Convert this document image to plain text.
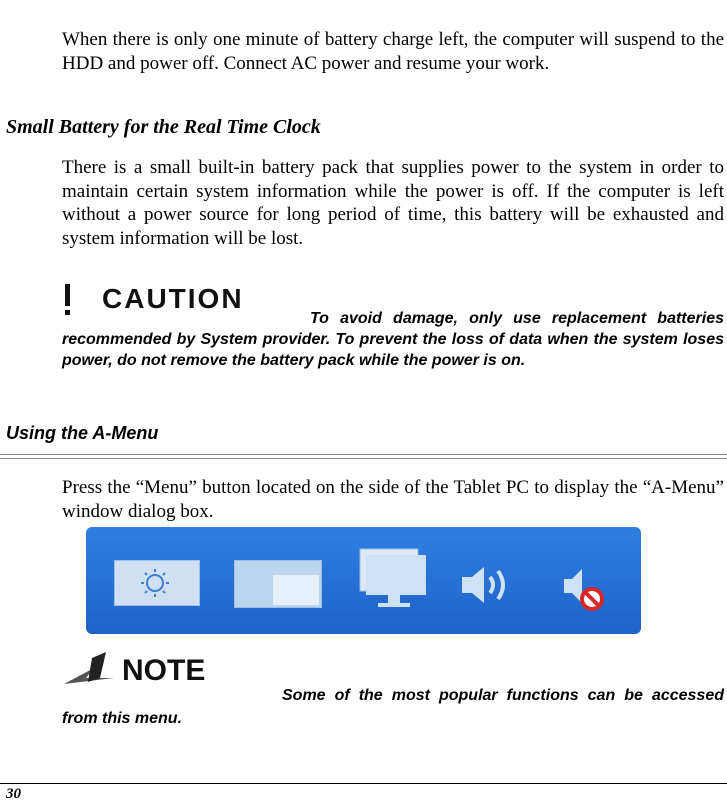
When there is only one minute of battery charge left, the computer will suspend to the HDD and power off. Connect AC power and resume your work.
Small Battery for the Real Time Clock
There is a small built-in battery pack that supplies power to the system in order to maintain certain system information while the power is off. If the computer is left without a power source for long period of time, this battery will be exhausted and system information will be lost.
CAUTION
To avoid damage, only use replacement batteries recommended by System provider. To prevent the loss of data when the system loses power, do not remove the battery pack while the power is on.
Using the A-Menu
Press the “Menu” button located on the side of the Tablet PC to display the “A-Menu” window dialog box.
NOTE
Some of the most popular functions can be accessed from this menu.
30
